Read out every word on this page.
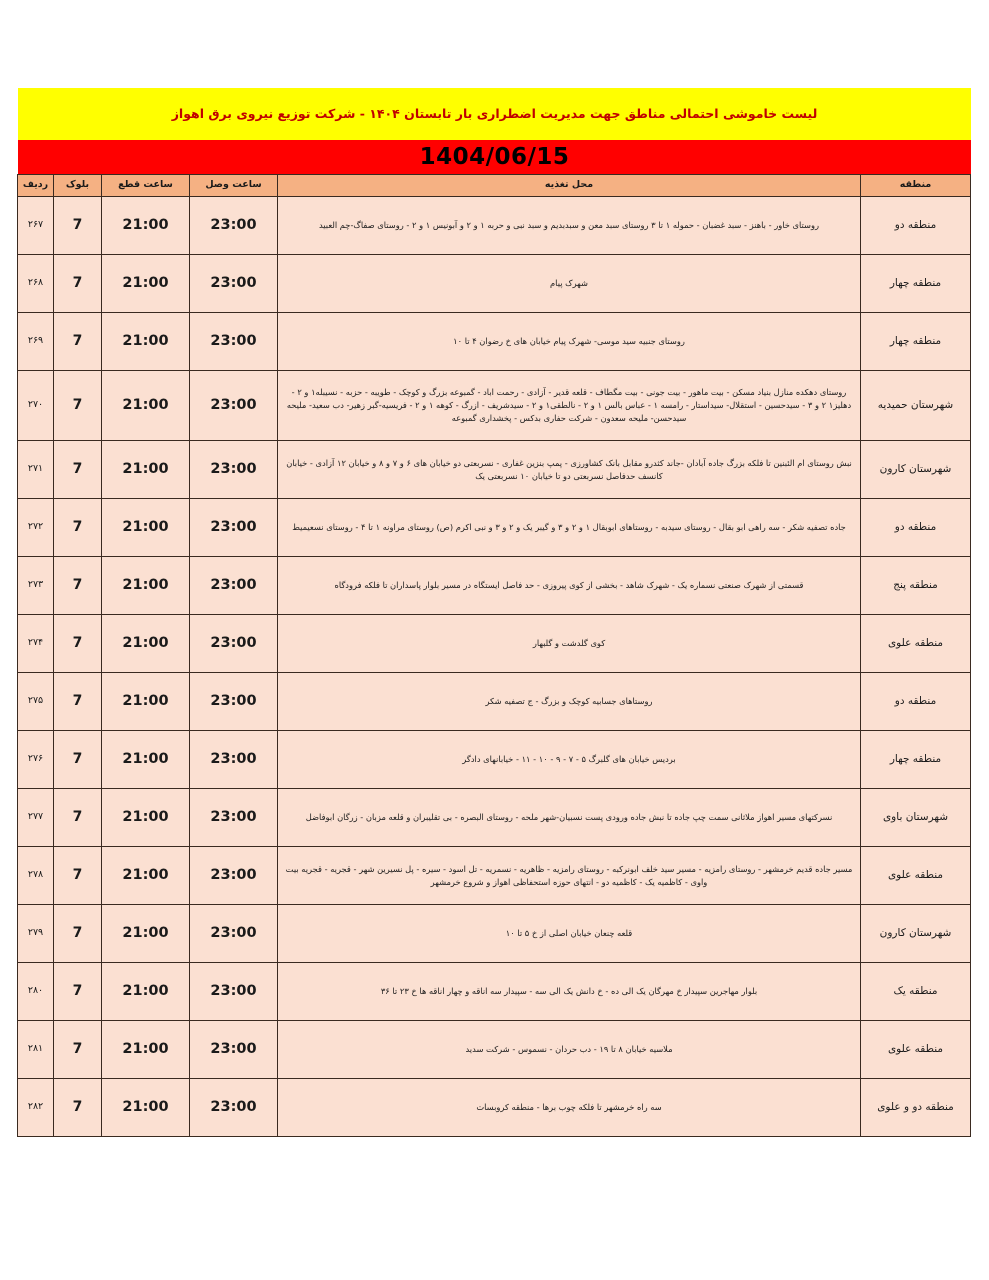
لیست خاموشی احتمالی مناطق جهت مدیریت اضطراری بار تابستان ۱۴۰۴ - شرکت توزیع نیروی برق اهواز
1404/06/15
منطقه	محل تغذیه	ساعت وصل	ساعت قطع	بلوک	ردیف
منطقه دو	روستای خاور - باهنز - سبد غضبان - حموله ۱ تا ۳ روستای سبد معن و سبدبدیم و سبد نبی و حربه ۱ و ۲ و آبونیس ۱ و ۲ - روستای صفاگ-چم العبید	23:00	21:00	7	۲۶۷
منطقه چهار	شهرک پیام	23:00	21:00	7	۲۶۸
منطقه چهار	روستای جنبیه سید موسی- شهرک پیام خیابان های خ رضوان ۴ تا ۱۰	23:00	21:00	7	۲۶۹
شهرستان حمیدیه	روستای دهکده منازل بنیاد مسکن - بیت ماهور - بیت جونی - بیت مگطاف - قلعه قدیر - آزادی - رحمت اباد - گمبوعه بزرگ و کوچک - طویبه - حزبه - نسیبله۱ و ۲ - دهلیز۱ ۲ و ۳ - سیدحسین - استقلال- سیداستار - رامسه ۱ - عباس بالس ۱ و ۲ - نالطقی۱ و ۲ - سیدشریف - ازرگ - کوهه ۱ و ۲ - فریسیه-گبر زهیر- دب سعید- ملیحه سیدحسن- ملیحه سعدون - شرکت حفاری بدکس - پخشداری گمبوعه	23:00	21:00	7	۲۷۰
شهرستان کارون	نبش روستای ام الئبنین تا فلکه بزرگ جاده آبادان -جاند کثدرو مقابل بانک کشاورزی - پمپ بنزین غفاری - نسربعتی دو خیابان های ۶ و ۷ و ۸ و خیابان ۱۲ آزادی - خیابان کانسف حدفاصل نسربعتی دو تا خیابان ۱۰ نسربعتی یک	23:00	21:00	7	۲۷۱
منطقه دو	جاده تصفیه شکر - سه راهی ابو بقال - روستای سیدبه - روستاهای ابوبقال ۱ و ۲ و ۳ و گیبر یک و ۲ و ۳ و نبی اکرم (ص) روستای مراونه ۱ تا ۴ - روستای نسعیمیط	23:00	21:00	7	۲۷۲
منطقه پنج	قسمتی از شهرک صنعتی نسماره یک - شهرک شاهد - بخشی از کوی پیروزی - حد فاصل ایستگاه در مسیر بلوار پاسداران تا فلکه فرودگاه	23:00	21:00	7	۲۷۳
منطقه علوی	کوی گلدشت و گلبهار	23:00	21:00	7	۲۷۴
منطقه دو	روستاهای جسابیه کوچک و بزرگ - ج تصفیه شکر	23:00	21:00	7	۲۷۵
منطقه چهار	بردیس خیابان های گلبرگ ۵ - ۷ - ۹ - ۱۰ - ۱۱ - خیابانهای دادگر	23:00	21:00	7	۲۷۶
شهرستان باوی	نسرکتهای مسیر اهواز ملاثانی سمت چپ جاده تا نبش جاده ورودی پست نسبیان-شهر ملحه - روستای البصره - بی تقلیبران و قلعه مزبان - زرگان ابوفاضل	23:00	21:00	7	۲۷۷
منطقه علوی	مسیر جاده قدیم خرمشهر - روستای رامزیه - مسیر سید خلف ابونرکبه - روستای رامزیه - ظاهریه - نسمریه - تل اسود - سیره - پل نسیرین شهر - قجریه - قجریه بیت واوی - کاظمیه یک - کاظمیه دو - انتهای حوزه استحفاظی اهواز و شروع خرمشهر	23:00	21:00	7	۲۷۸
شهرستان کارون	قلعه چنعان خیابان اصلی از خ ۵ تا ۱۰	23:00	21:00	7	۲۷۹
منطقه یک	بلوار مهاجرین سپیدار خ مهرگان یک الی ده - خ دانش یک الی سه - سپیدار سه اناقه و چهار اناقه ها خ ۲۳ تا ۳۶	23:00	21:00	7	۲۸۰
منطقه علوی	ملاسیه خیابان ۸ تا ۱۹ - دب حردان - نسموس - شرکت سدید	23:00	21:00	7	۲۸۱
منطقه دو و علوی	سه راه خرمشهر تا فلکه چوب برها - منطقه کروبسات	23:00	21:00	7	۲۸۲
